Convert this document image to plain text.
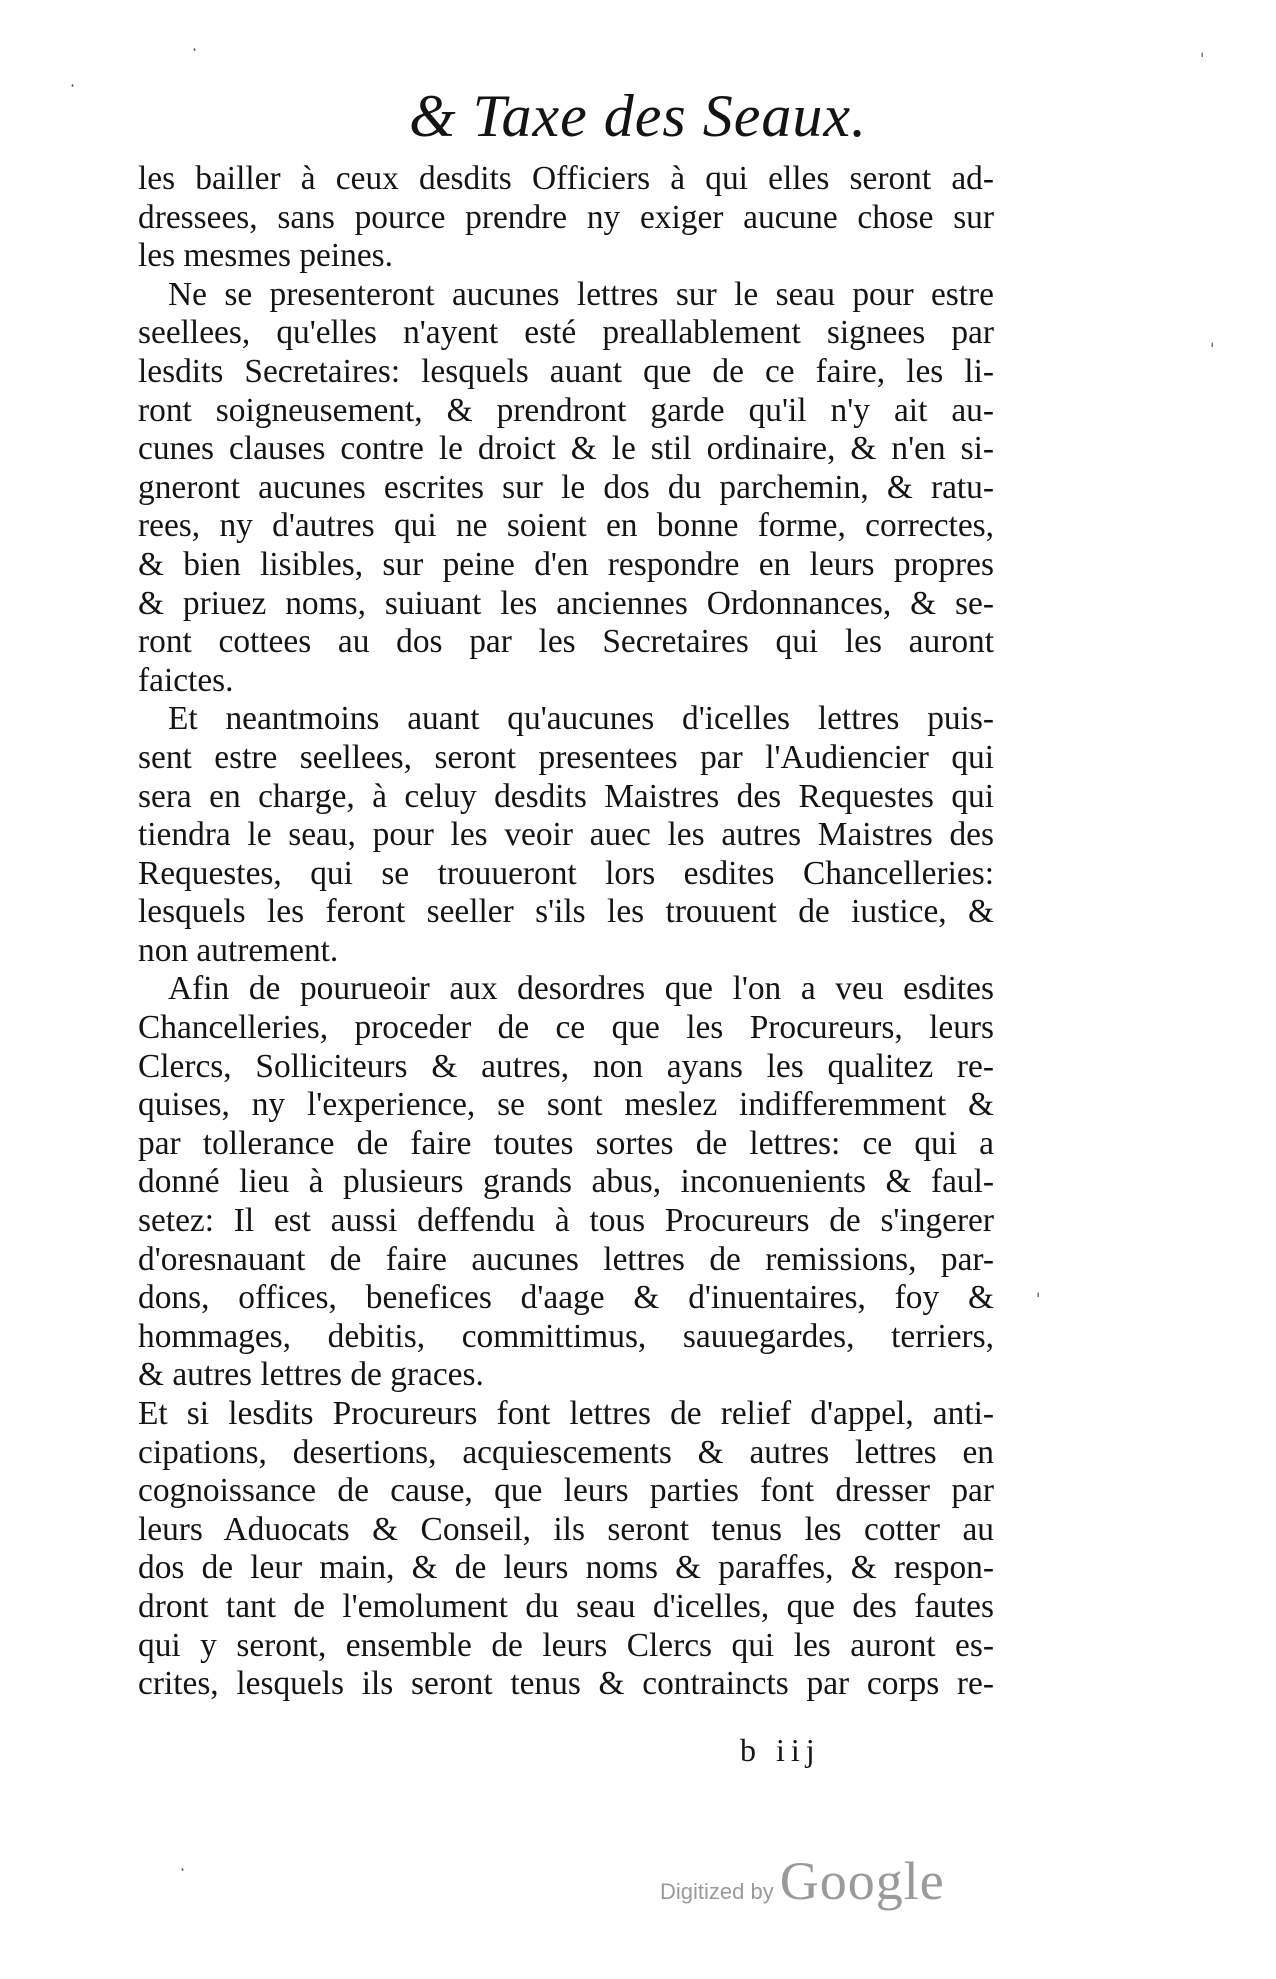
& Taxe des Seaux.
les bailler à ceux desdits Officiers à qui elles seront ad-
dressees, sans pource prendre ny exiger aucune chose sur
les mesmes peines.
Ne se presenteront aucunes lettres sur le seau pour estre
seellees, qu'elles n'ayent esté preallablement signees par
lesdits Secretaires: lesquels auant que de ce faire, les li-
ront soigneusement, & prendront garde qu'il n'y ait au-
cunes clauses contre le droict & le stil ordinaire, & n'en si-
gneront aucunes escrites sur le dos du parchemin, & ratu-
rees, ny d'autres qui ne soient en bonne forme, correctes,
& bien lisibles, sur peine d'en respondre en leurs propres
& priuez noms, suiuant les anciennes Ordonnances, & se-
ront cottees au dos par les Secretaires qui les auront
faictes.
Et neantmoins auant qu'aucunes d'icelles lettres puis-
sent estre seellees, seront presentees par l'Audiencier qui
sera en charge, à celuy desdits Maistres des Requestes qui
tiendra le seau, pour les veoir auec les autres Maistres des
Requestes, qui se trouueront lors esdites Chancelleries:
lesquels les feront seeller s'ils les trouuent de iustice, &
non autrement.
Afin de pourueoir aux desordres que l'on a veu esdites
Chancelleries, proceder de ce que les Procureurs, leurs
Clercs, Solliciteurs & autres, non ayans les qualitez re-
quises, ny l'experience, se sont meslez indifferemment &
par tollerance de faire toutes sortes de lettres: ce qui a
donné lieu à plusieurs grands abus, inconuenients & faul-
setez: Il est aussi deffendu à tous Procureurs de s'ingerer
d'oresnauant de faire aucunes lettres de remissions, par-
dons, offices, benefices d'aage & d'inuentaires, foy &
hommages, debitis, committimus, sauuegardes, terriers,
& autres lettres de graces.
Et si lesdits Procureurs font lettres de relief d'appel, anti-
cipations, desertions, acquiescements & autres lettres en
cognoissance de cause, que leurs parties font dresser par
leurs Aduocats & Conseil, ils seront tenus les cotter au
dos de leur main, & de leurs noms & paraffes, & respon-
dront tant de l'emolument du seau d'icelles, que des fautes
qui y seront, ensemble de leurs Clercs qui les auront es-
crites, lesquels ils seront tenus & contraincts par corps re-
b iij
Digitized by Google
·
·
ˈ
ˈ
ˈ
·
